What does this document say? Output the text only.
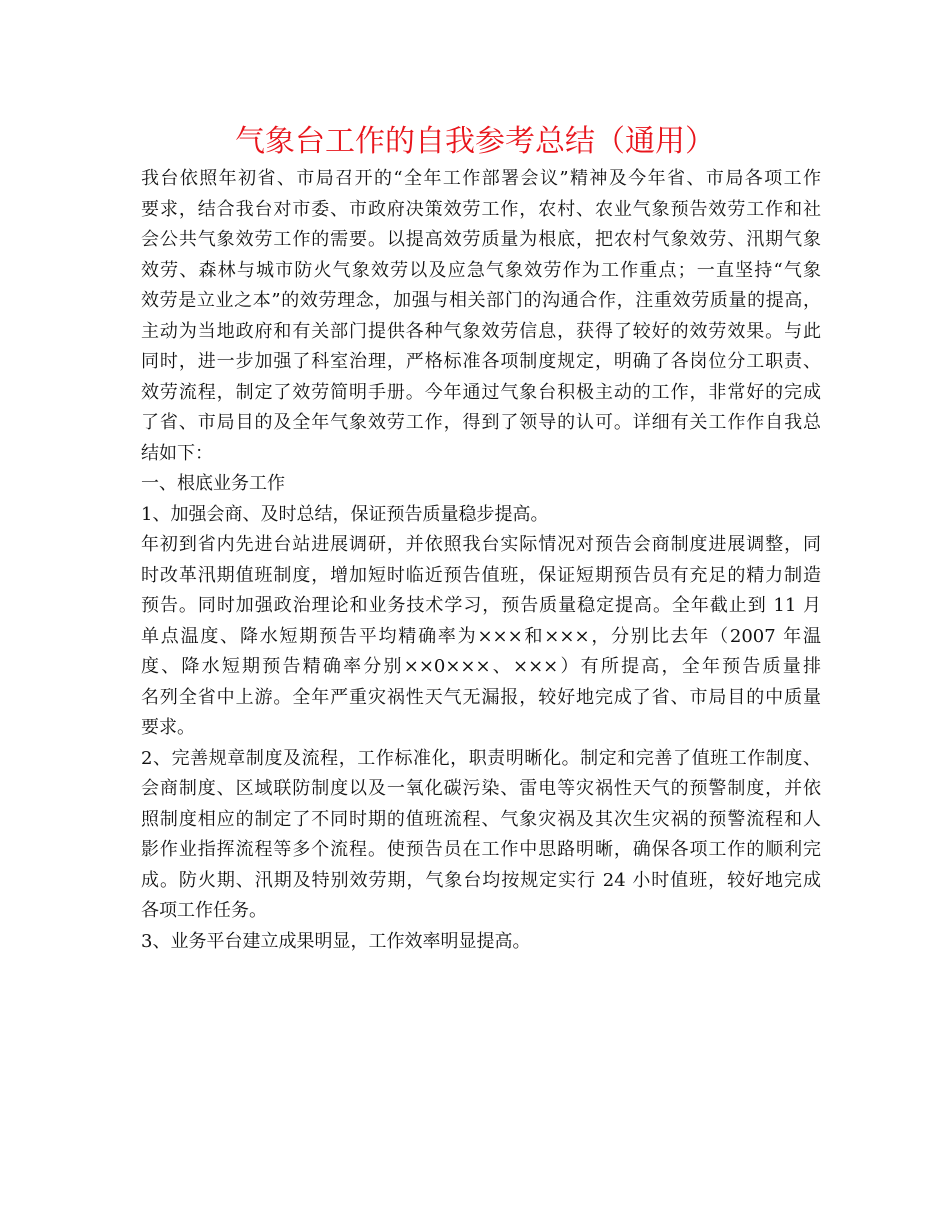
气象台工作的自我参考总结（通用）
我台依照年初省、市局召开的“全年工作部署会议”精神及今年省、市局各项工作
要求，结合我台对市委、市政府决策效劳工作，农村、农业气象预告效劳工作和社
会公共气象效劳工作的需要。以提高效劳质量为根底，把农村气象效劳、汛期气象
效劳、森林与城市防火气象效劳以及应急气象效劳作为工作重点；一直坚持“气象
效劳是立业之本”的效劳理念，加强与相关部门的沟通合作，注重效劳质量的提高，
主动为当地政府和有关部门提供各种气象效劳信息，获得了较好的效劳效果。与此
同时，进一步加强了科室治理，严格标准各项制度规定，明确了各岗位分工职责、
效劳流程，制定了效劳简明手册。今年通过气象台积极主动的工作，非常好的完成
了省、市局目的及全年气象效劳工作，得到了领导的认可。详细有关工作作自我总
结如下：
一、根底业务工作
1、加强会商、及时总结，保证预告质量稳步提高。
年初到省内先进台站进展调研，并依照我台实际情况对预告会商制度进展调整，同
时改革汛期值班制度，增加短时临近预告值班，保证短期预告员有充足的精力制造
预告。同时加强政治理论和业务技术学习，预告质量稳定提高。全年截止到 11 月
单点温度、降水短期预告平均精确率为×××和×××，分别比去年（2007 年温
度、降水短期预告精确率分别××0×××、×××）有所提高，全年预告质量排
名列全省中上游。全年严重灾祸性天气无漏报，较好地完成了省、市局目的中质量
要求。
2、完善规章制度及流程，工作标准化，职责明晰化。制定和完善了值班工作制度、
会商制度、区域联防制度以及一氧化碳污染、雷电等灾祸性天气的预警制度，并依
照制度相应的制定了不同时期的值班流程、气象灾祸及其次生灾祸的预警流程和人
影作业指挥流程等多个流程。使预告员在工作中思路明晰，确保各项工作的顺利完
成。防火期、汛期及特别效劳期，气象台均按规定实行 24 小时值班，较好地完成
各项工作任务。
3、业务平台建立成果明显，工作效率明显提高。
